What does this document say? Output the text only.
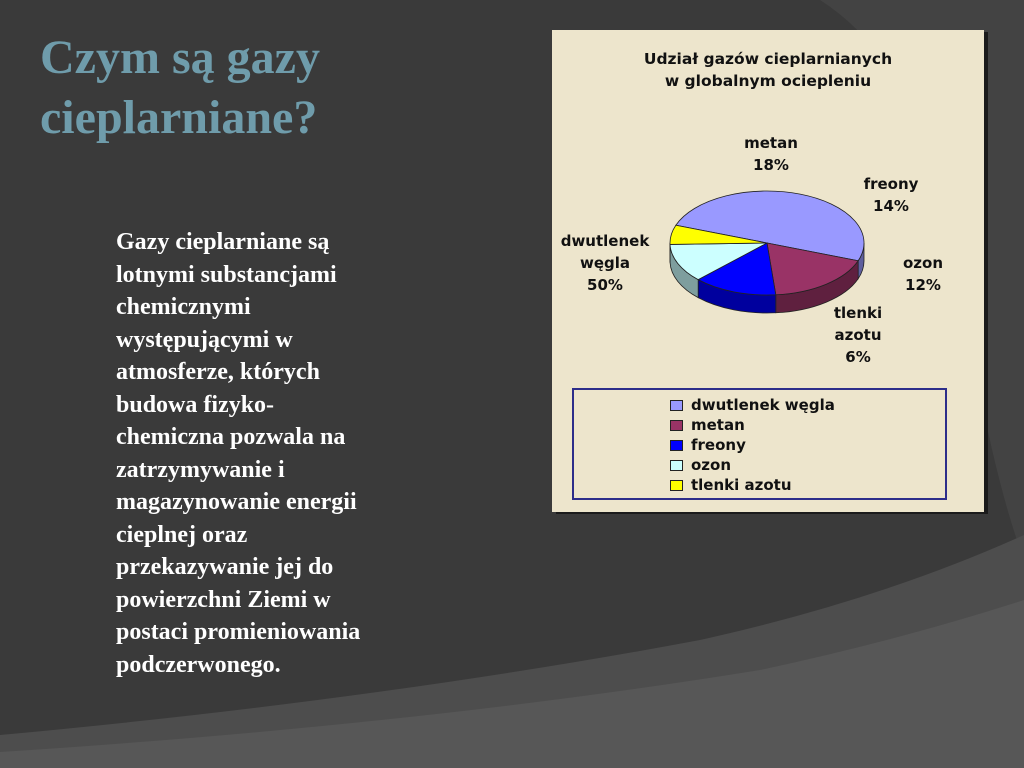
Czym są gazy
cieplarniane?
Gazy cieplarniane są
lotnymi substancjami
chemicznymi
występującymi w
atmosferze, których
budowa fizyko-
chemiczna pozwala na
zatrzymywanie i
magazynowanie energii
cieplnej oraz
przekazywanie jej do
powierzchni Ziemi w
postaci promieniowania
podczerwonego.
Udział gazów cieplarnianych
w globalnym ociepleniu
metan
18%
freony
14%
ozon
12%
tlenki
azotu
6%
dwutlenek
węgla
50%
dwutlenek węgla
metan
freony
ozon
tlenki azotu
